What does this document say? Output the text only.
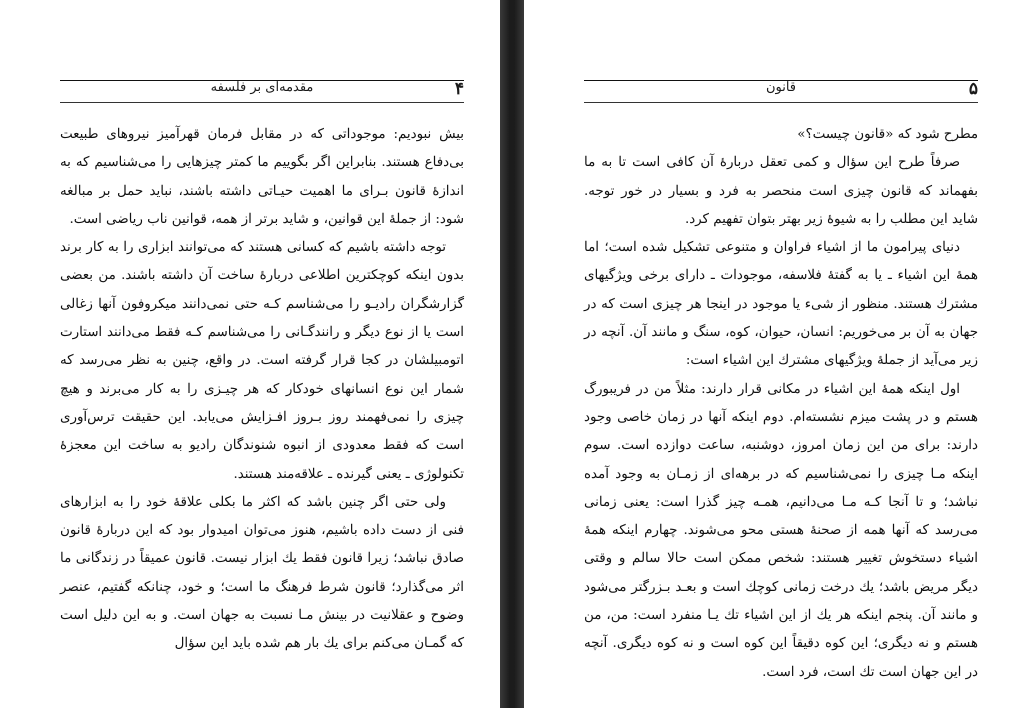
۴
مقدمه‌ای بر فلسفه

بیش نبودیم: موجوداتی که در مقابل فرمان قهرآمیز نیروهای طبیعت بی‌دفاع هستند. بنابراین اگر بگوییم ما کمتر چیزهایی را می‌شناسیم که به اندازهٔ قانون بـرای ما اهمیت حیـاتی داشته باشند، نباید حمل بر مبالغه شود: از جملهٔ این قوانین، و شاید برتر از همه، قوانین ناب ریاضی است.

توجه داشته باشیم که کسانی هستند که می‌توانند ابزاری را به کار برند بدون اینکه کوچکترین اطلاعی دربارهٔ ساخت آن داشته باشند. من بعضی گزارشگران رادیـو را می‌شناسم کـه حتی نمی‌دانند میکروفون آنها زغالی است یا از نوع دیگر و رانندگـانی را می‌شناسم کـه فقط می‌دانند استارت اتومبیلشان در کجا قرار گرفته است. در واقع، چنین به نظر می‌رسد که شمار این نوع انسانهای خودکار که هر چیـزی را به کار می‌برند و هیچ چیزی را نمی‌فهمند روز بـروز افـزایش می‌یابد. این حقیقت ترس‌آوری است که فقط معدودی از انبوه شنوندگان رادیو به ساخت این معجزهٔ تکنولوژی ـ یعنی گیرنده ـ علاقه‌مند هستند.

ولی حتی اگر چنین باشد که اکثر ما بکلی علاقهٔ خود را به ابزارهای فنی از دست داده باشیم، هنوز می‌توان امیدوار بود که این دربارهٔ قانون صادق نباشد؛ زیرا قانون فقط یك ابزار نیست. قانون عمیقاً در زندگانی ما اثر می‌گذارد؛ قانون شرط فرهنگ ما است؛ و خود، چنانکه گفتیم، عنصر وضوح و عقلانیت در بینش مـا نسبت به جهان است. و به این دلیل است که گمـان می‌کنم برای یك بار هم شده باید این سؤال

۵
قانون

مطرح شود که «قانون چیست؟»

صرفاً طرح این سؤال و کمی تعقل دربارهٔ آن کافی است تا به ما بفهماند که قانون چیزی است منحصر به فرد و بسیار در خور توجه. شاید این مطلب را به شیوهٔ زیر بهتر بتوان تفهیم کرد.

دنیای پیرامون ما از اشیاء فراوان و متنوعی تشکیل شده است؛ اما همهٔ این اشیاء ـ یا به گفتهٔ فلاسفه، موجودات ـ دارای برخی ویژگیهای مشترك هستند. منظور از شیء یا موجود در اینجا هر چیزی است که در جهان به آن بر می‌خوریم: انسان، حیوان، کوه، سنگ و مانند آن. آنچه در زیر می‌آید از جملهٔ ویژگیهای مشترك این اشیاء است:

اول اینکه همهٔ این اشیاء در مکانی قرار دارند: مثلاً من در فریبورگ هستم و در پشت میزم نشسته‌ام. دوم اینکه آنها در زمان خاصی وجود دارند: برای من این زمان امروز، دوشنبه، ساعت دوازده است. سوم اینکه مـا چیزی را نمی‌شناسیم که در برهه‌ای از زمـان به وجود آمده نباشد؛ و تا آنجا کـه مـا می‌دانیم، همـه چیز گذرا است: یعنی زمانی می‌رسد که آنها همه از صحنهٔ هستی محو می‌شوند. چهارم اینکه همهٔ اشیاء دستخوش تغییر هستند: شخص ممکن است حالا سالم و وقتی دیگر مریض باشد؛ یك درخت زمانی کوچك است و بعـد بـزرگتر می‌شود و مانند آن. پنجم اینکه هر یك از این اشیاء تك یـا منفرد است: من، من هستم و نه دیگری؛ این کوه دقیقاً این کوه است و نه کوه دیگری. آنچه در این جهان است تك است، فرد است.
